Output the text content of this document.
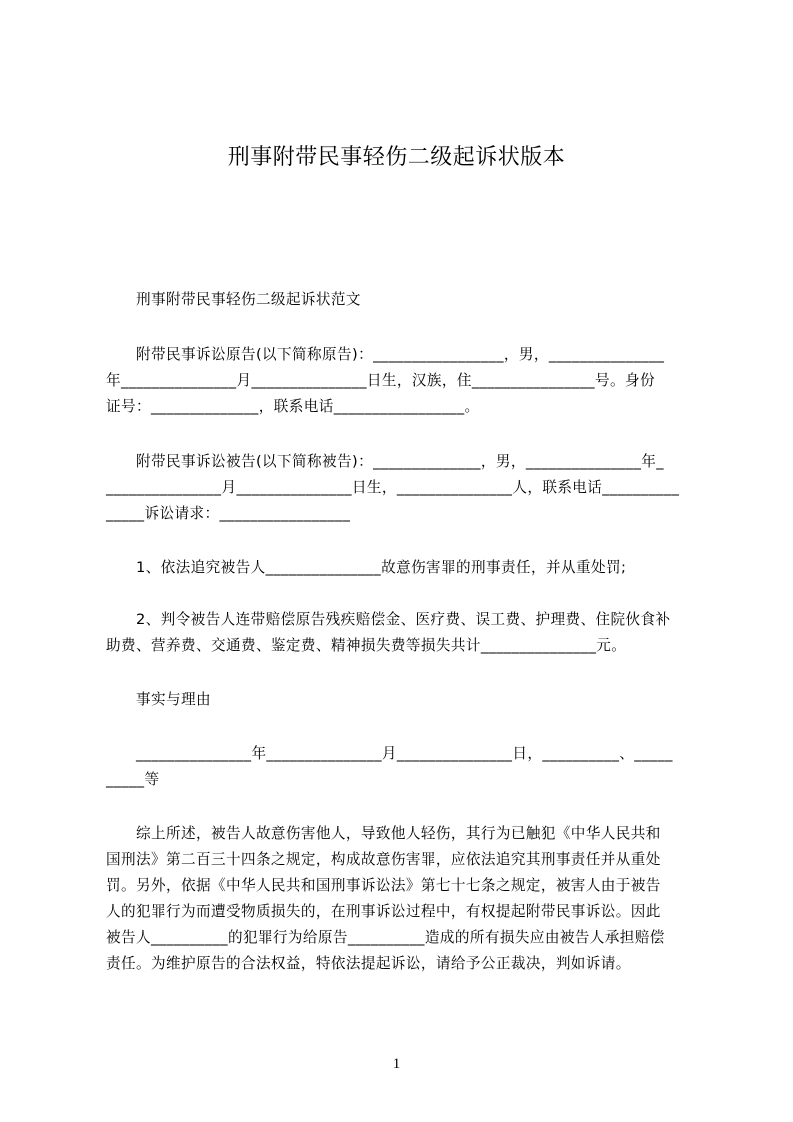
刑事附带民事轻伤二级起诉状版本
　　刑事附带民事轻伤二级起诉状范文
　　附带民事诉讼原告(以下简称原告)：_________________，男，_______________
年_______________月_______________日生，汉族，住________________号。身份
证号：______________，联系电话_________________。
　　附带民事诉讼被告(以下简称被告)：______________，男，_______________年_
_______________月_______________日生，_______________人，联系电话__________
_____诉讼请求：_________________
　　1、依法追究被告人_______________故意伤害罪的刑事责任，并从重处罚;
　　2、判令被告人连带赔偿原告残疾赔偿金、医疗费、误工费、护理费、住院伙食补
助费、营养费、交通费、鉴定费、精神损失费等损失共计_______________元。
　　事实与理由
　　_______________年_______________月_______________日，__________、_____
_____等
　　综上所述，被告人故意伤害他人，导致他人轻伤，其行为已触犯《中华人民共和
国刑法》第二百三十四条之规定，构成故意伤害罪，应依法追究其刑事责任并从重处
罚。另外，依据《中华人民共和国刑事诉讼法》第七十七条之规定，被害人由于被告
人的犯罪行为而遭受物质损失的，在刑事诉讼过程中，有权提起附带民事诉讼。因此
被告人__________的犯罪行为给原告__________造成的所有损失应由被告人承担赔偿
责任。为维护原告的合法权益，特依法提起诉讼，请给予公正裁决，判如诉请。
1
